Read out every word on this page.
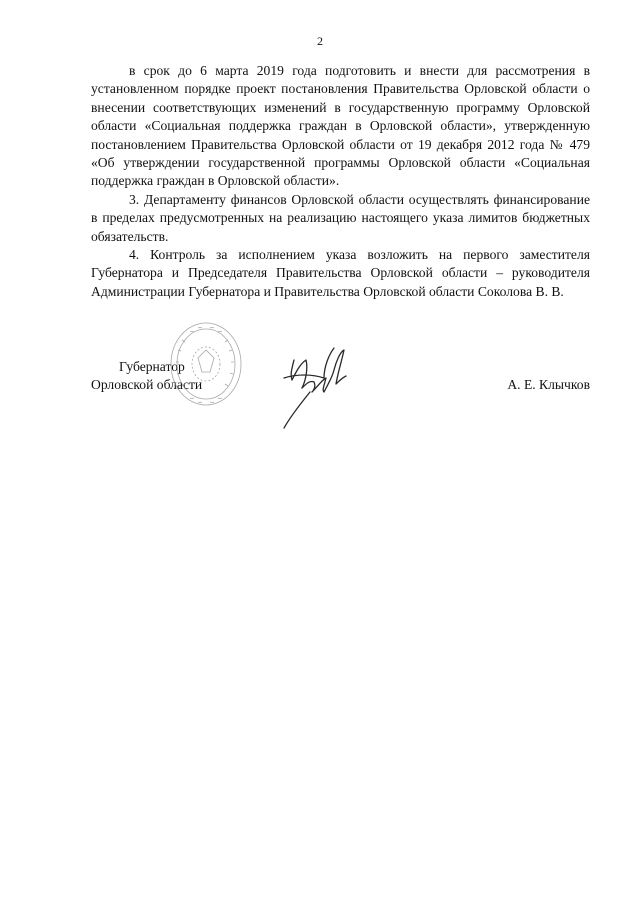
2

в срок до 6 марта 2019 года подготовить и внести для рассмотрения в установленном порядке проект постановления Правительства Орловской области о внесении соответствующих изменений в государственную программу Орловской области «Социальная поддержка граждан в Орловской области», утвержденную постановлением Правительства Орловской области от 19 декабря 2012 года № 479 «Об утверждении государственной программы Орловской области «Социальная поддержка граждан в Орловской области».

3. Департаменту финансов Орловской области осуществлять финансирование в пределах предусмотренных на реализацию настоящего указа лимитов бюджетных обязательств.

4. Контроль за исполнением указа возложить на первого заместителя Губернатора и Председателя Правительства Орловской области – руководителя Администрации Губернатора и Правительства Орловской области Соколова В. В.

Губернатор
Орловской области	А. Е. Клычков
